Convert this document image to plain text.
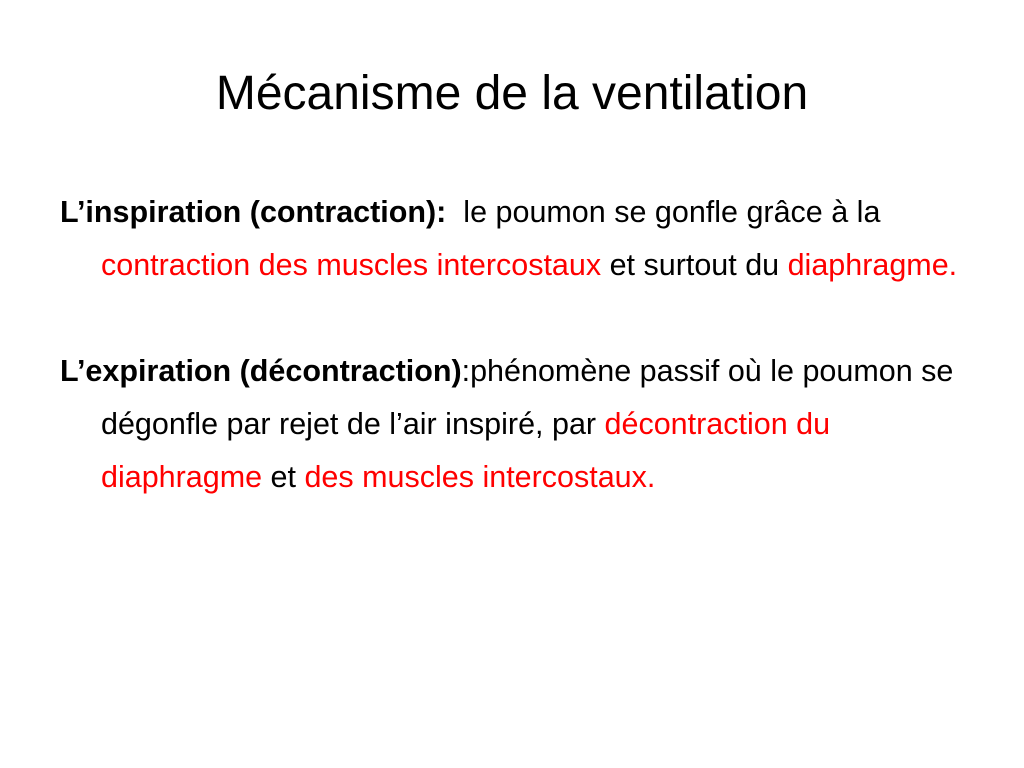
Mécanisme de la ventilation

L’inspiration (contraction):  le poumon se gonfle grâce à la contraction des muscles intercostaux et surtout du diaphragme.

L’expiration (décontraction):phénomène passif où le poumon se dégonfle par rejet de l’air inspiré, par décontraction du diaphragme et des muscles intercostaux.
